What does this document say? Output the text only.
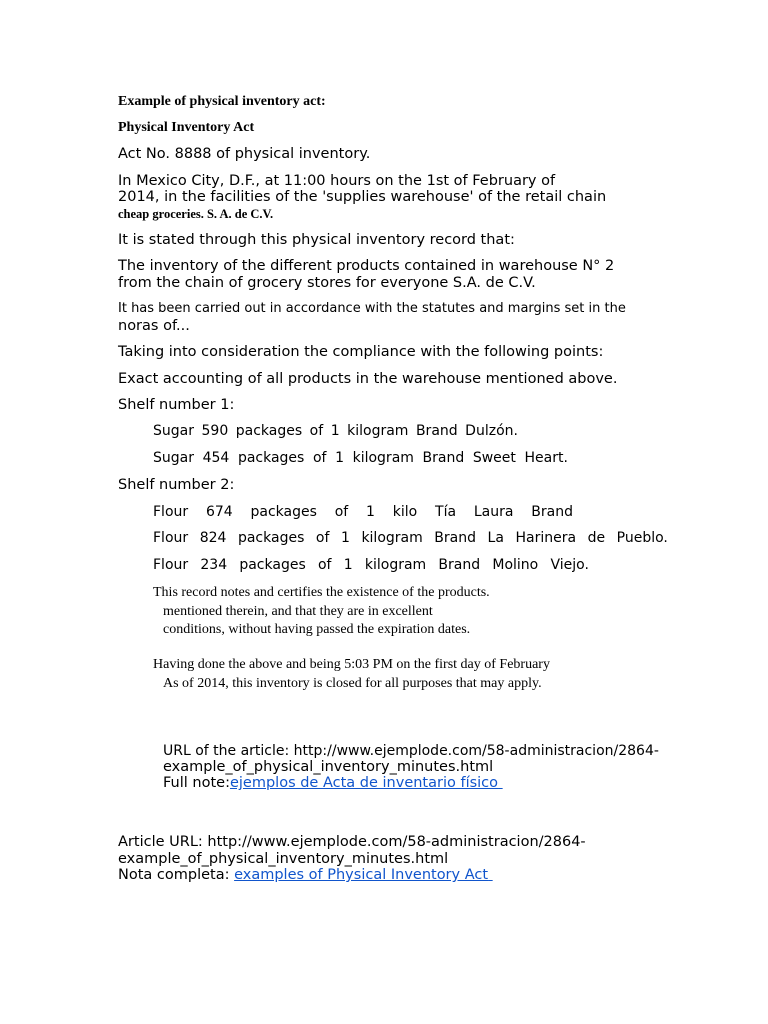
Example of physical inventory act:
Physical Inventory Act
Act No. 8888 of physical inventory.
In Mexico City, D.F., at 11:00 hours on the 1st of February of
2014, in the facilities of the 'supplies warehouse' of the retail chain
cheap groceries. S. A. de C.V.
It is stated through this physical inventory record that:
The inventory of the different products contained in warehouse N° 2
from the chain of grocery stores for everyone S.A. de C.V.
It has been carried out in accordance with the statutes and margins set in the
noras of...
Taking into consideration the compliance with the following points:
Exact accounting of all products in the warehouse mentioned above.
Shelf number 1:
Sugar 590 packages of 1 kilogram Brand Dulzón.
Sugar 454 packages of 1 kilogram Brand Sweet Heart.
Shelf number 2:
Flour 674 packages of 1 kilo Tía Laura Brand
Flour 824 packages of 1 kilogram Brand La Harinera de Pueblo.
Flour 234 packages of 1 kilogram Brand Molino Viejo.
This record notes and certifies the existence of the products.
mentioned therein, and that they are in excellent
conditions, without having passed the expiration dates.
Having done the above and being 5:03 PM on the first day of February
As of 2014, this inventory is closed for all purposes that may apply.
URL of the article: http://www.ejemplode.com/58-administracion/2864-
example_of_physical_inventory_minutes.html
Full note:ejemplos de Acta de inventario físico
Article URL: http://www.ejemplode.com/58-administracion/2864-
example_of_physical_inventory_minutes.html
Nota completa: examples of Physical Inventory Act
